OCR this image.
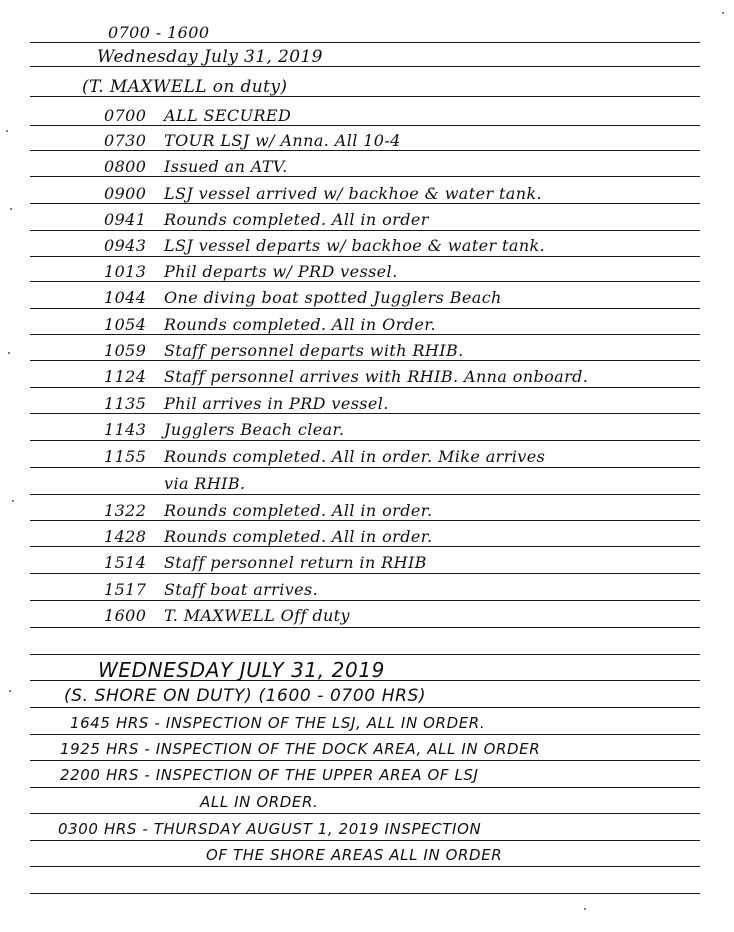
0700 - 1600
Wednesday July 31, 2019
(T. MAXWELL on duty)
0700 ALL SECURED
0730 TOUR LSJ w/ Anna. All 10-4
0800 Issued an ATV.
0900 LSJ vessel arrived w/ backhoe & water tank.
0941 Rounds completed. All in order
0943 LSJ vessel departs w/ backhoe & water tank.
1013 Phil departs w/ PRD vessel.
1044 One diving boat spotted Jugglers Beach
1054 Rounds completed. All in Order.
1059 Staff personnel departs with RHIB.
1124 Staff personnel arrives with RHIB. Anna onboard.
1135 Phil arrives in PRD vessel.
1143 Jugglers Beach clear.
1155 Rounds completed. All in order. Mike arrives
via RHIB.
1322 Rounds completed. All in order.
1428 Rounds completed. All in order.
1514 Staff personnel return in RHIB
1517 Staff boat arrives.
1600 T. MAXWELL Off duty
WEDNESDAY JULY 31, 2019
(S. SHORE ON DUTY) (1600 - 0700 HRS)
1645 HRS - INSPECTION OF THE LSJ, ALL IN ORDER.
1925 HRS - INSPECTION OF THE DOCK AREA, ALL IN ORDER
2200 HRS - INSPECTION OF THE UPPER AREA OF LSJ
ALL IN ORDER.
0300 HRS - THURSDAY AUGUST 1, 2019 INSPECTION
OF THE SHORE AREAS ALL IN ORDER
